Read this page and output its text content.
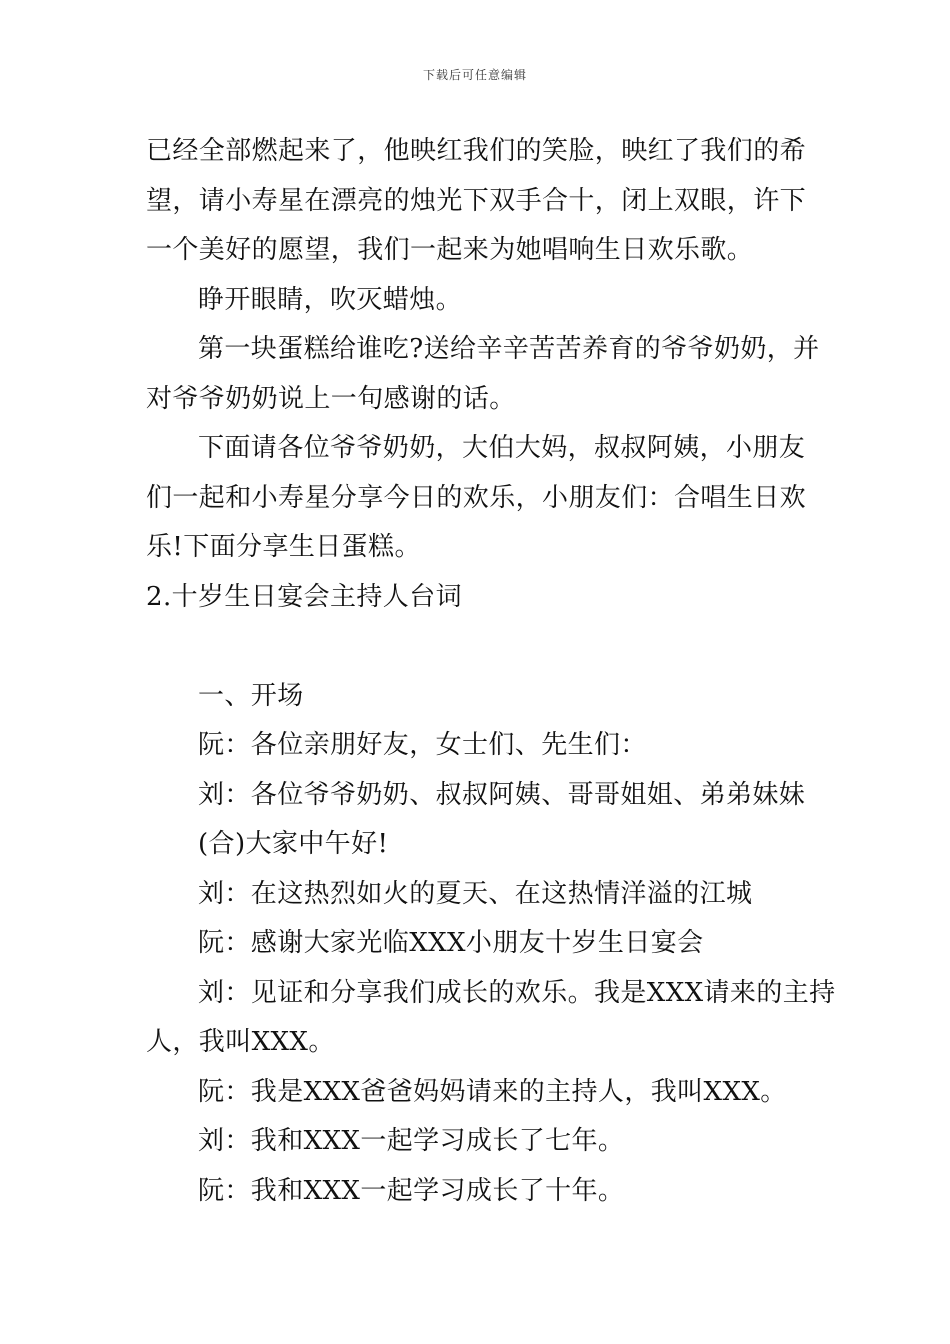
下载后可任意编辑
已经全部燃起来了，他映红我们的笑脸，映红了我们的希
望，请小寿星在漂亮的烛光下双手合十，闭上双眼，许下
一个美好的愿望，我们一起来为她唱响生日欢乐歌。
睁开眼睛，吹灭蜡烛。
第一块蛋糕给谁吃?送给辛辛苦苦养育的爷爷奶奶，并
对爷爷奶奶说上一句感谢的话。
下面请各位爷爷奶奶，大伯大妈，叔叔阿姨，小朋友
们一起和小寿星分享今日的欢乐，小朋友们：合唱生日欢
乐!下面分享生日蛋糕。
2.十岁生日宴会主持人台词
一、开场
阮：各位亲朋好友，女士们、先生们：
刘：各位爷爷奶奶、叔叔阿姨、哥哥姐姐、弟弟妹妹
(合)大家中午好!
刘：在这热烈如火的夏天、在这热情洋溢的江城
阮：感谢大家光临XXX小朋友十岁生日宴会
刘：见证和分享我们成长的欢乐。我是XXX请来的主持
人，我叫XXX。
阮：我是XXX爸爸妈妈请来的主持人，我叫XXX。
刘：我和XXX一起学习成长了七年。
阮：我和XXX一起学习成长了十年。
